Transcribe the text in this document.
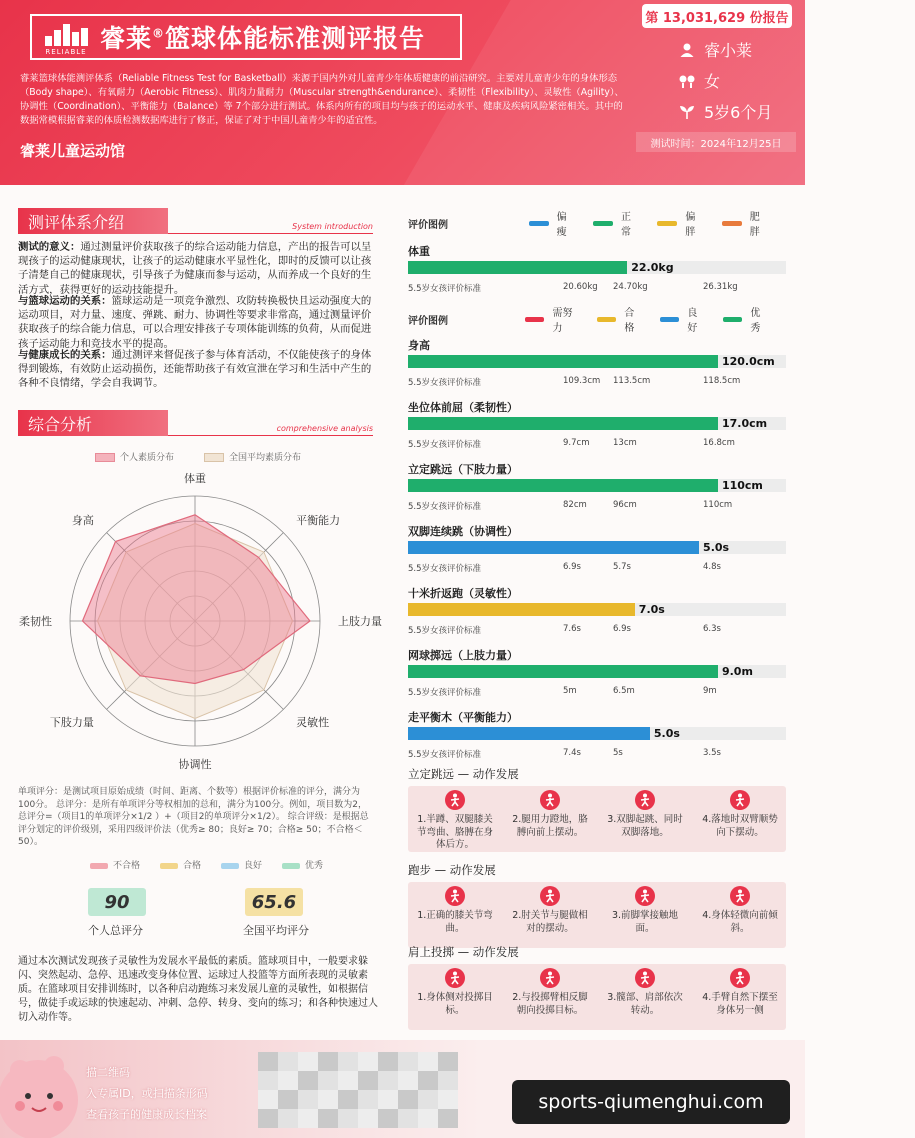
RELIABLE 睿莱®篮球体能标准测评报告
睿莱篮球体能测评体系（Reliable Fitness Test for Basketball）来源于国内外对儿童青少年体质健康的前沿研究。主要对儿童青少年的身体形态（Body shape）、有氧耐力（Aerobic Fitness）、肌肉力量耐力（Muscular strength&endurance）、柔韧性（Flexibility）、灵敏性（Agility）、协调性（Coordination）、平衡能力（Balance）等 7个部分进行测试。体系内所有的项目均与孩子的运动水平、健康及疾病风险紧密相关。其中的数据常模根据睿莱的体质检测数据库进行了修正，保证了对于中国儿童青少年的适宜性。
睿莱儿童运动馆
第 13,031,629 份报告
睿小莱
女
5岁6个月
测试时间：2024年12月25日
测评体系介绍	System introduction
测试的意义：通过测量评价获取孩子的综合运动能力信息，产出的报告可以呈现孩子的运动健康现状，让孩子的运动健康水平显性化，即时的反馈可以让孩子清楚自己的健康现状，引导孩子为健康而参与运动，从而养成一个良好的生活方式，获得更好的运动技能提升。
与篮球运动的关系：篮球运动是一项竞争激烈、攻防转换极快且运动强度大的运动项目，对力量、速度、弹跳、耐力、协调性等要求非常高，通过测量评价获取孩子的综合能力信息，可以合理安排孩子专项体能训练的负荷，从而促进孩子运动能力和竞技水平的提高。
与健康成长的关系：通过测评来督促孩子参与体育活动，不仅能使孩子的身体得到锻炼，有效防止运动损伤，还能帮助孩子有效宣泄在学习和生活中产生的各种不良情绪，学会自我调节。
综合分析	comprehensive analysis
个人素质分布	全国平均素质分布
体重
平衡能力
上肢力量
灵敏性
协调性
下肢力量
柔韧性
身高
单项评分：是测试项目原始成绩（时间、距离、个数等）根据评价标准的评分，满分为100分。 总评分：是所有单项评分等权相加的总和，满分为100分。例如，项目数为2，总评分=（项目1的单项评分×1/2 ）+（项目2的单项评分×1/2）。 综合评级：是根据总评分划定的评价级别，采用四级评价法（优秀≥ 80；良好≥ 70；合格≥ 50；不合格＜50）。
不合格	合格	良好	优秀
90
个人总评分
65.6
全国平均评分
通过本次测试发现孩子灵敏性为发展水平最低的素质。篮球项目中，一般要求躲闪、突然起动、急停、迅速改变身体位置、运球过人投篮等方面所表现的灵敏素质。在篮球项目安排训练时，以各种启动跑练习来发展儿童的灵敏性，如根据信号，做徒手或运球的快速起动、冲刺、急停、转身、变向的练习；和各种快速过人切入动作等。
描二维码
入专属ID，或扫描条形码
查看孩子的健康成长档案
sports-qiumenghui.com
评价图例
偏瘦
正常
偏胖
肥胖
评价图例
需努力
合格
良好
优秀
体重
22.0kg
5.5岁女孩评价标准	20.60kg 24.70kg	26.31kg
身高
120.0cm
5.5岁女孩评价标准	109.3cm 113.5cm	118.5cm
坐位体前屈（柔韧性）
17.0cm
5.5岁女孩评价标准	9.7cm	13cm	16.8cm
立定跳远（下肢力量）
110cm
5.5岁女孩评价标准	82cm	96cm	110cm
双脚连续跳（协调性）
5.0s
5.5岁女孩评价标准	6.9s	5.7s	4.8s
十米折返跑（灵敏性）
7.0s
5.5岁女孩评价标准	7.6s	6.9s	6.3s
网球掷远（上肢力量）
9.0m
5.5岁女孩评价标准	5m	6.5m	9m
走平衡木（平衡能力）
5.0s
5.5岁女孩评价标准	7.4s	5s	3.5s
立定跳远 — 动作发展
1.半蹲、双腿膝关节弯曲、胳膊在身体后方。
2.腿用力蹬地，胳膊向前上摆动。
3.双脚起跳、同时双脚落地。
4.落地时双臂顺势向下摆动。
跑步 — 动作发展
1.正确的膝关节弯曲。
2.肘关节与腿做相对的摆动。
3.前脚掌接触地面。
4.身体轻微向前倾斜。
肩上投掷 — 动作发展
1.身体侧对投掷目标。
2.与投掷臂相反脚朝向投掷目标。
3.髋部、肩部依次转动。
4.手臂自然下摆至身体另一侧
